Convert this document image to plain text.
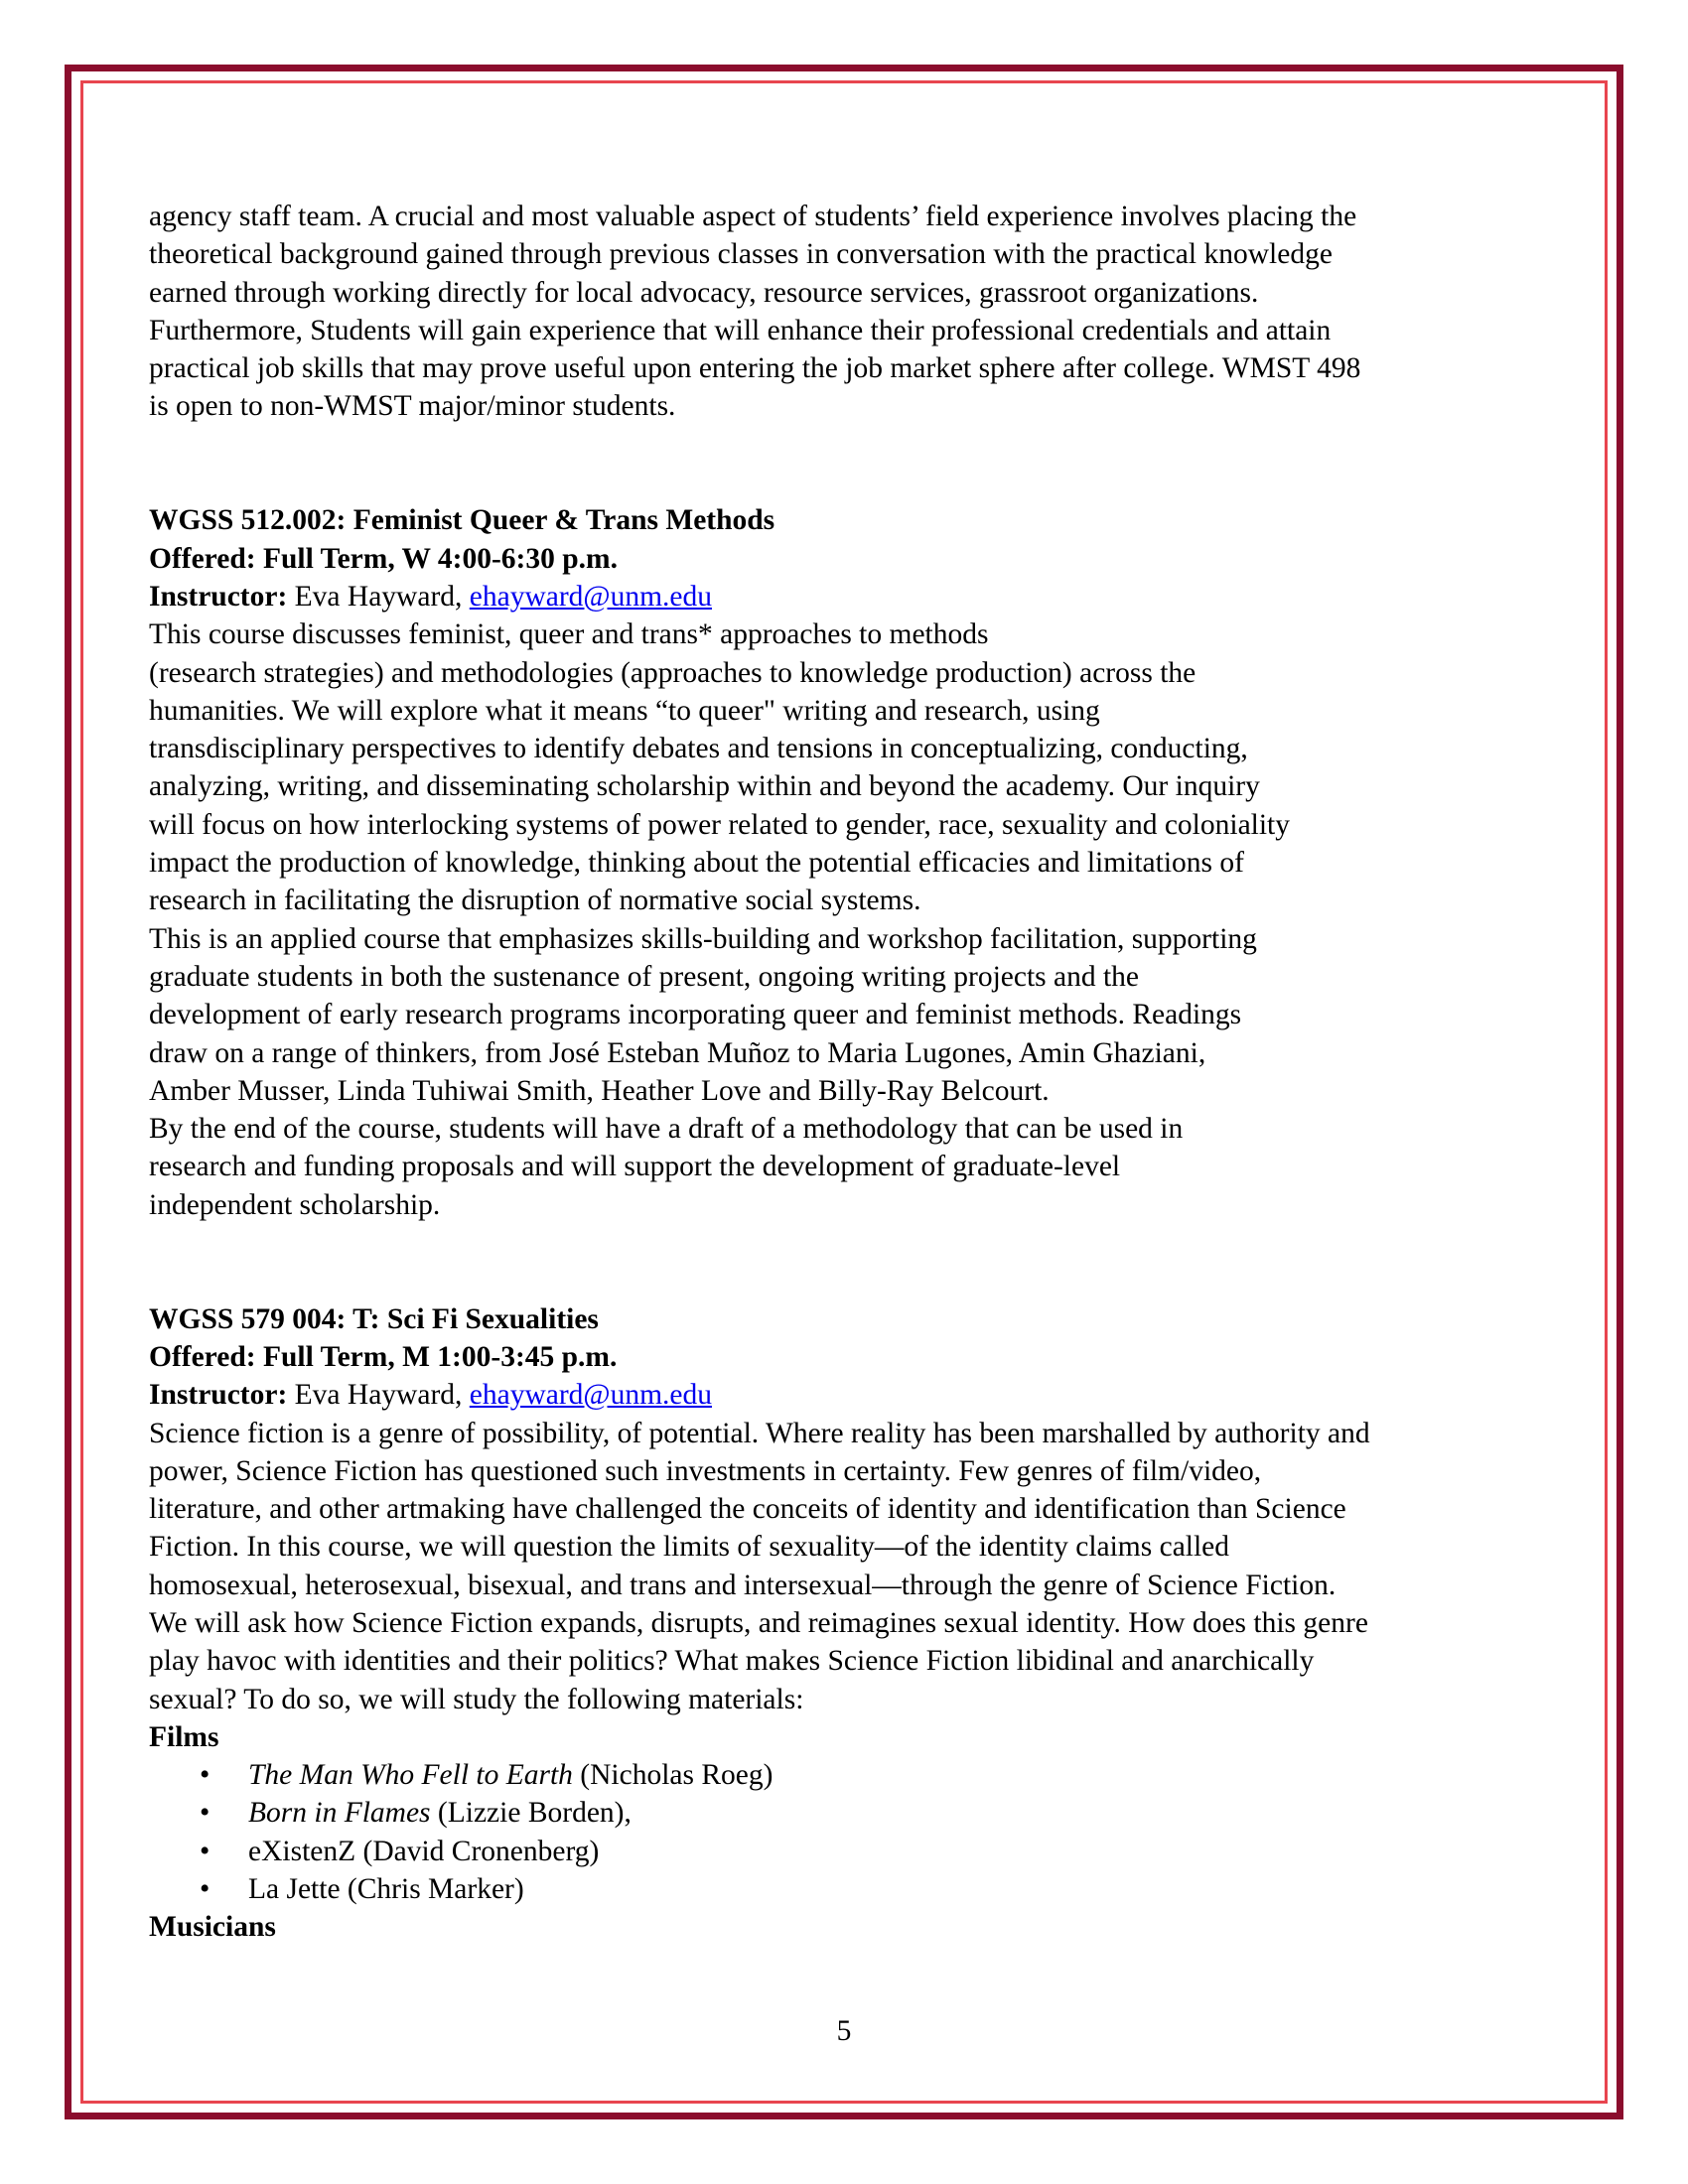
agency staff team. A crucial and most valuable aspect of students’ field experience involves placing the

theoretical background gained through previous classes in conversation with the practical knowledge

earned through working directly for local advocacy, resource services, grassroot organizations.

Furthermore, Students will gain experience that will enhance their professional credentials and attain

practical job skills that may prove useful upon entering the job market sphere after college. WMST 498

is open to non-WMST major/minor students.

WGSS 512.002: Feminist Queer & Trans Methods

Offered: Full Term, W 4:00-6:30 p.m.

Instructor: Eva Hayward, ehayward@unm.edu

This course discusses feminist, queer and trans* approaches to methods

(research strategies) and methodologies (approaches to knowledge production) across the

humanities. We will explore what it means “to queer" writing and research, using

transdisciplinary perspectives to identify debates and tensions in conceptualizing, conducting,

analyzing, writing, and disseminating scholarship within and beyond the academy. Our inquiry

will focus on how interlocking systems of power related to gender, race, sexuality and coloniality

impact the production of knowledge, thinking about the potential efficacies and limitations of

research in facilitating the disruption of normative social systems.

This is an applied course that emphasizes skills-building and workshop facilitation, supporting

graduate students in both the sustenance of present, ongoing writing projects and the

development of early research programs incorporating queer and feminist methods. Readings

draw on a range of thinkers, from José Esteban Muñoz to Maria Lugones, Amin Ghaziani,

Amber Musser, Linda Tuhiwai Smith, Heather Love and Billy-Ray Belcourt.

By the end of the course, students will have a draft of a methodology that can be used in

research and funding proposals and will support the development of graduate-level

independent scholarship.

WGSS 579 004: T: Sci Fi Sexualities

Offered: Full Term, M 1:00-3:45 p.m.

Instructor: Eva Hayward, ehayward@unm.edu

Science fiction is a genre of possibility, of potential. Where reality has been marshalled by authority and

power, Science Fiction has questioned such investments in certainty. Few genres of film/video,

literature, and other artmaking have challenged the conceits of identity and identification than Science

Fiction. In this course, we will question the limits of sexuality—of the identity claims called

homosexual, heterosexual, bisexual, and trans and intersexual—through the genre of Science Fiction.

We will ask how Science Fiction expands, disrupts, and reimagines sexual identity. How does this genre

play havoc with identities and their politics? What makes Science Fiction libidinal and anarchically

sexual? To do so, we will study the following materials:

Films

• The Man Who Fell to Earth (Nicholas Roeg)
• Born in Flames (Lizzie Borden),
• eXistenZ (David Cronenberg)
• La Jette (Chris Marker)

Musicians

5
